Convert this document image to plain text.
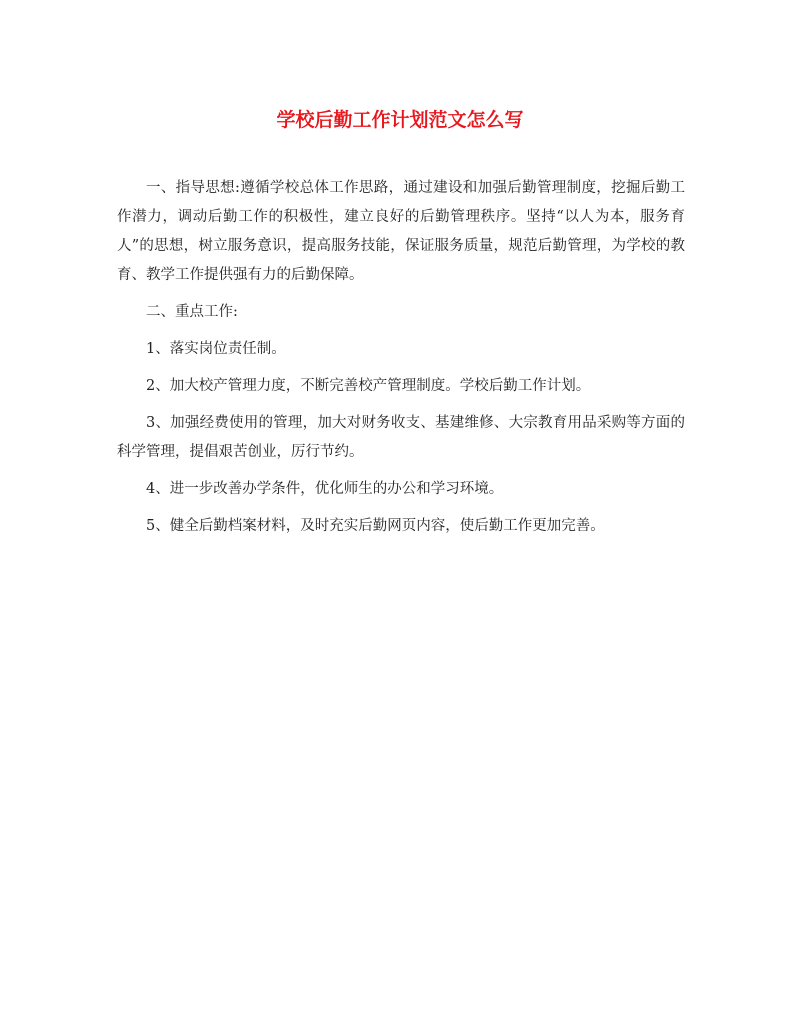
学校后勤工作计划范文怎么写

一、指导思想:遵循学校总体工作思路，通过建设和加强后勤管理制度，挖掘后勤工作潜力，调动后勤工作的积极性，建立良好的后勤管理秩序。坚持“以人为本，服务育人”的思想，树立服务意识，提高服务技能，保证服务质量，规范后勤管理，为学校的教育、教学工作提供强有力的后勤保障。

二、重点工作:

1、落实岗位责任制。

2、加大校产管理力度，不断完善校产管理制度。学校后勤工作计划。

3、加强经费使用的管理，加大对财务收支、基建维修、大宗教育用品采购等方面的科学管理，提倡艰苦创业，厉行节约。

4、进一步改善办学条件，优化师生的办公和学习环境。

5、健全后勤档案材料，及时充实后勤网页内容，使后勤工作更加完善。
